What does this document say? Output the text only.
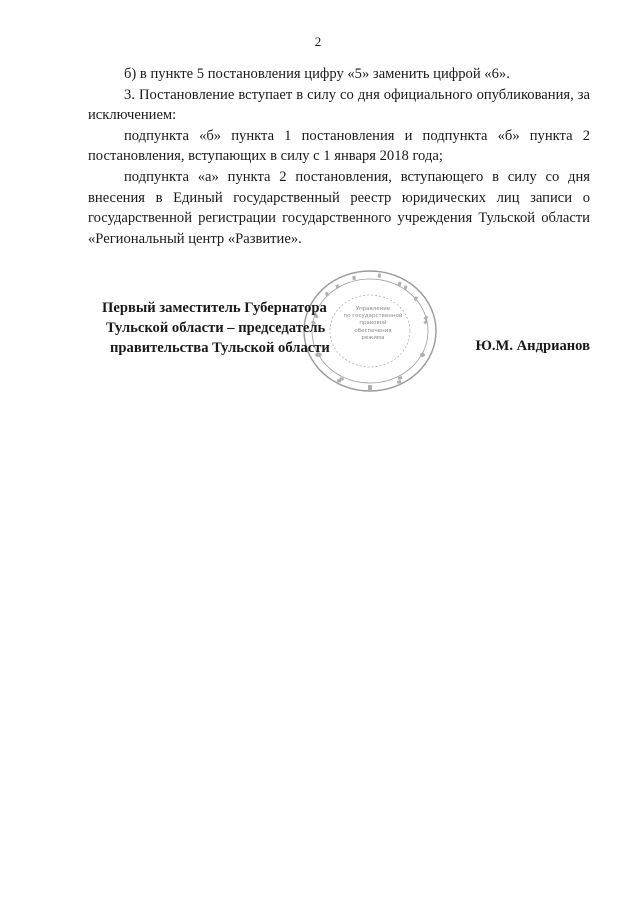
2

б) в пункте 5 постановления цифру «5» заменить цифрой «6».

3. Постановление вступает в силу со дня официального опубликования, за исключением:

подпункта «б» пункта 1 постановления и подпункта «б» пункта 2 постановления, вступающих в силу с 1 января 2018 года;

подпункта «а» пункта 2 постановления, вступающего в силу со дня внесения в Единый государственный реестр юридических лиц записи о государственной регистрации государственного учреждения Тульской области «Региональный центр «Развитие».

Управление
по государственной
правовой
обеспечения
режима
Первый заместитель Губернатора
Тульской области – председатель
правительства Тульской области	Ю.М. Андрианов
